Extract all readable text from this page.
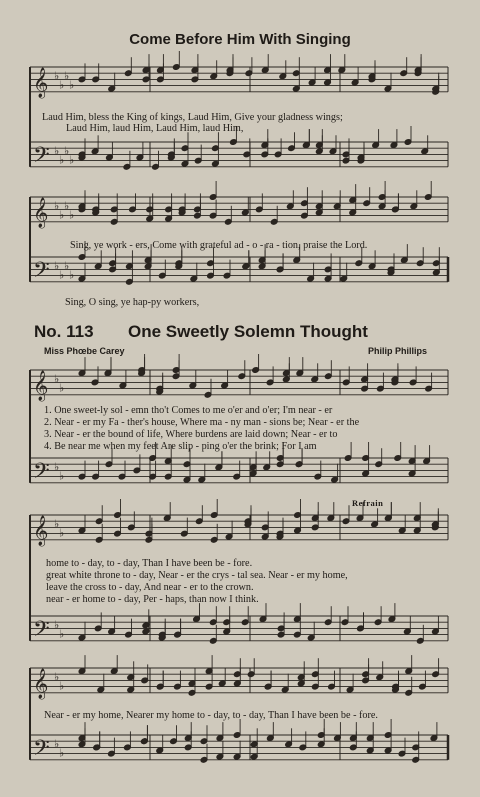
𝄞 ♭
♭
♭
♭
𝄢 ♭
♭
♭
♭
𝄞 ♭
♭
♭
♭
𝄢 ♭
♭
♭
♭
𝄞 ♭
♭
𝄢 ♭
♭
𝄞 ♭
♭
𝄢 ♭
♭
𝄞 ♭
♭
𝄢 ♭
♭
Come Before Him With Singing
Laud Him, bless the King of kings, Laud Him, Give your gladness wings;
Laud Him, laud Him, Laud Him, laud Him,
Sing, ye work - ers, Come with grateful ad - o - ra - tion, praise the Lord.
Sing, O sing, ye hap-py workers,
No. 113 One Sweetly Solemn Thought
Miss Phœbe Carey	Philip Phillips
1. One sweet-ly sol - emn tho't Comes to me o'er and o'er; I'm near - er
2. Near - er my Fa - ther's house, Where ma - ny man - sions be; Near - er the
3. Near - er the bound of life, Where burdens are laid down; Near - er to
4. Be near me when my feet Are slip - ping o'er the brink; For I am
Refrain
home to - day, to - day, Than I have been be - fore.
great white throne to - day, Near - er the crys - tal sea. Near - er my home,
leave the cross to - day, And near - er to the crown.
near - er home to - day, Per - haps, than now I think.
Near - er my home, Nearer my home to - day, to - day, Than I have been be - fore.
